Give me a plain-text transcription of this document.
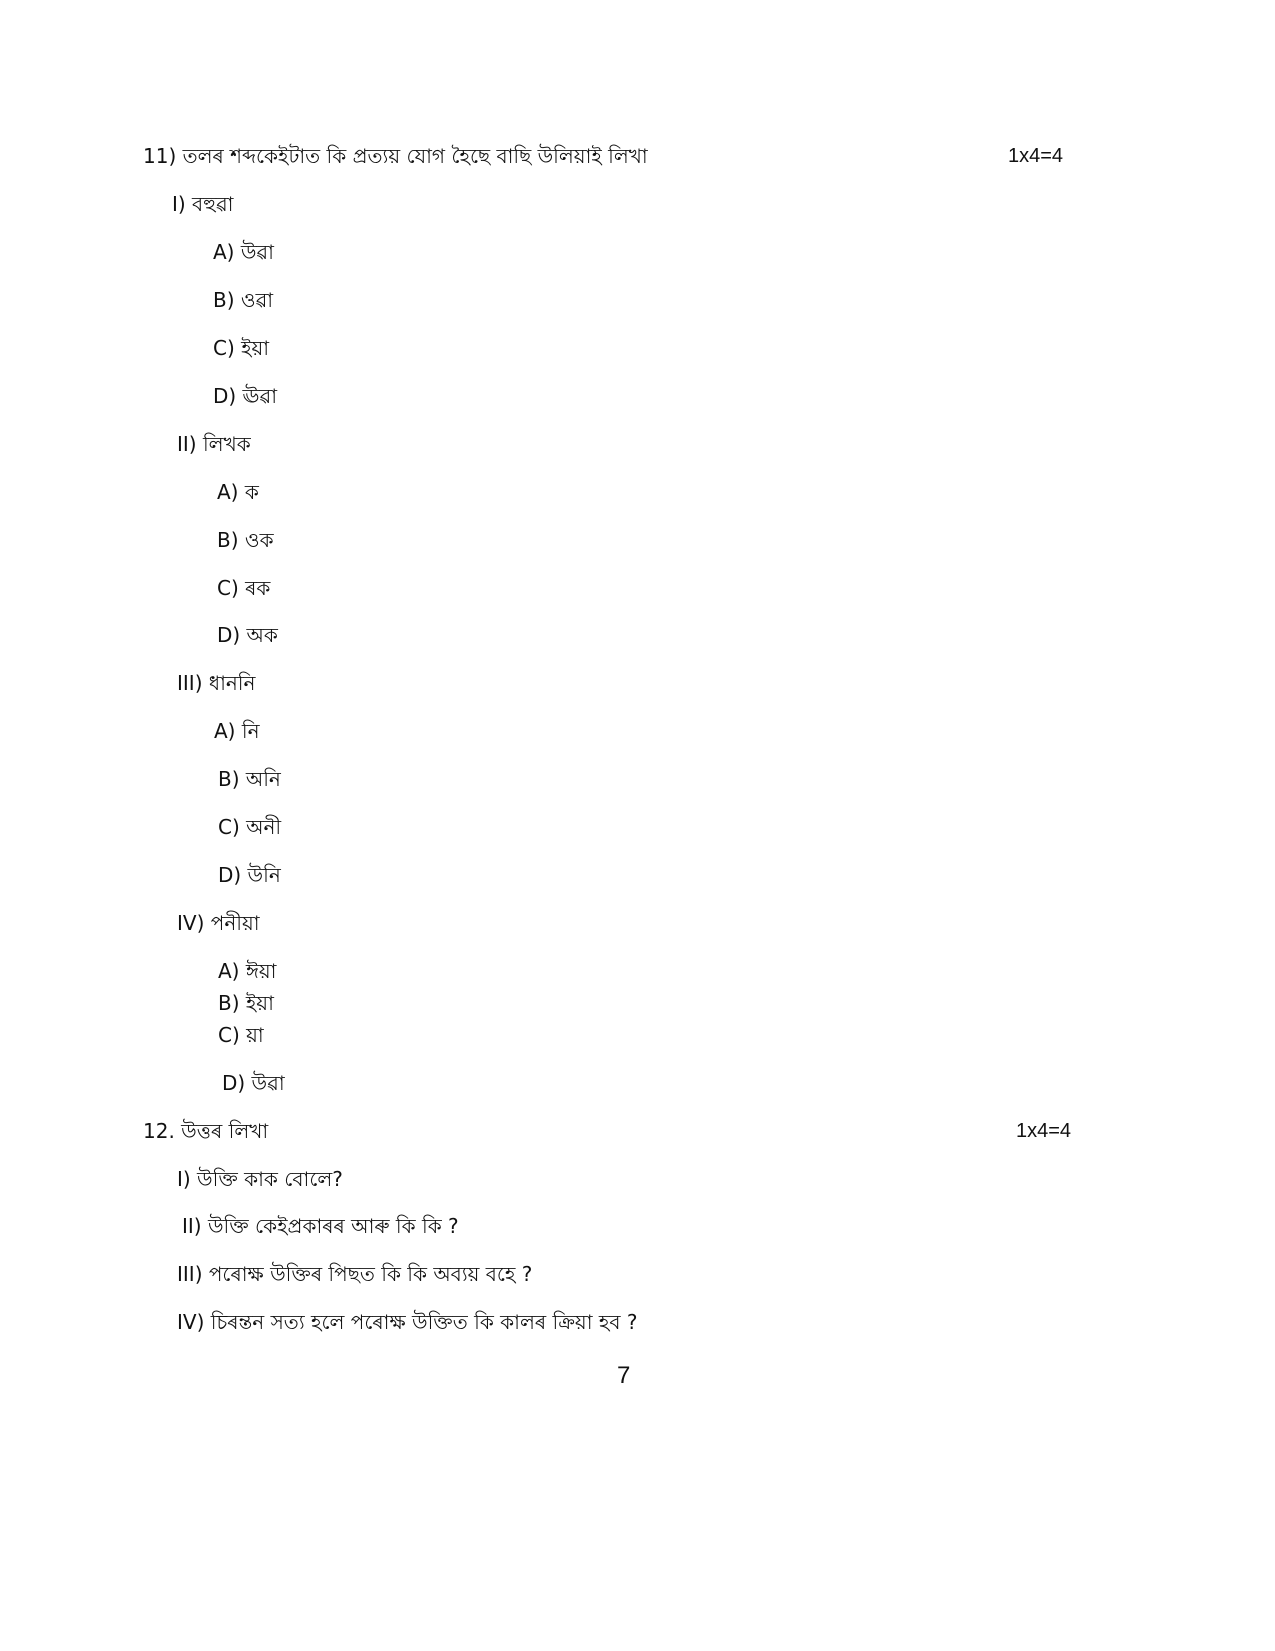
11) তলৰ শব্দকেইটাত কি প্ৰত্যয় যোগ হৈছে বাছি উলিয়াই লিখা	1x4=4
I) বহুৱা
A) উৱা
B) ওৱা
C) ইয়া
D) ঊৱা
II) লিখক
A) ক
B) ওক
C) ৰক
D) অক
III) ধাননি
A) নি
B) অনি
C) অনী
D) উনি
IV) পনীয়া
A) ঈয়া
B) ইয়া
C) য়া
D) উৱা
12. উত্তৰ লিখা	1x4=4
I) উক্তি কাক বোলে?
II) উক্তি কেইপ্ৰকাৰৰ আৰু কি কি ?
III) পৰোক্ষ উক্তিৰ পিছত কি কি অব্যয় বহে ?
IV) চিৰন্তন সত্য হলে পৰোক্ষ উক্তিত কি কালৰ ক্ৰিয়া হব ?
7
